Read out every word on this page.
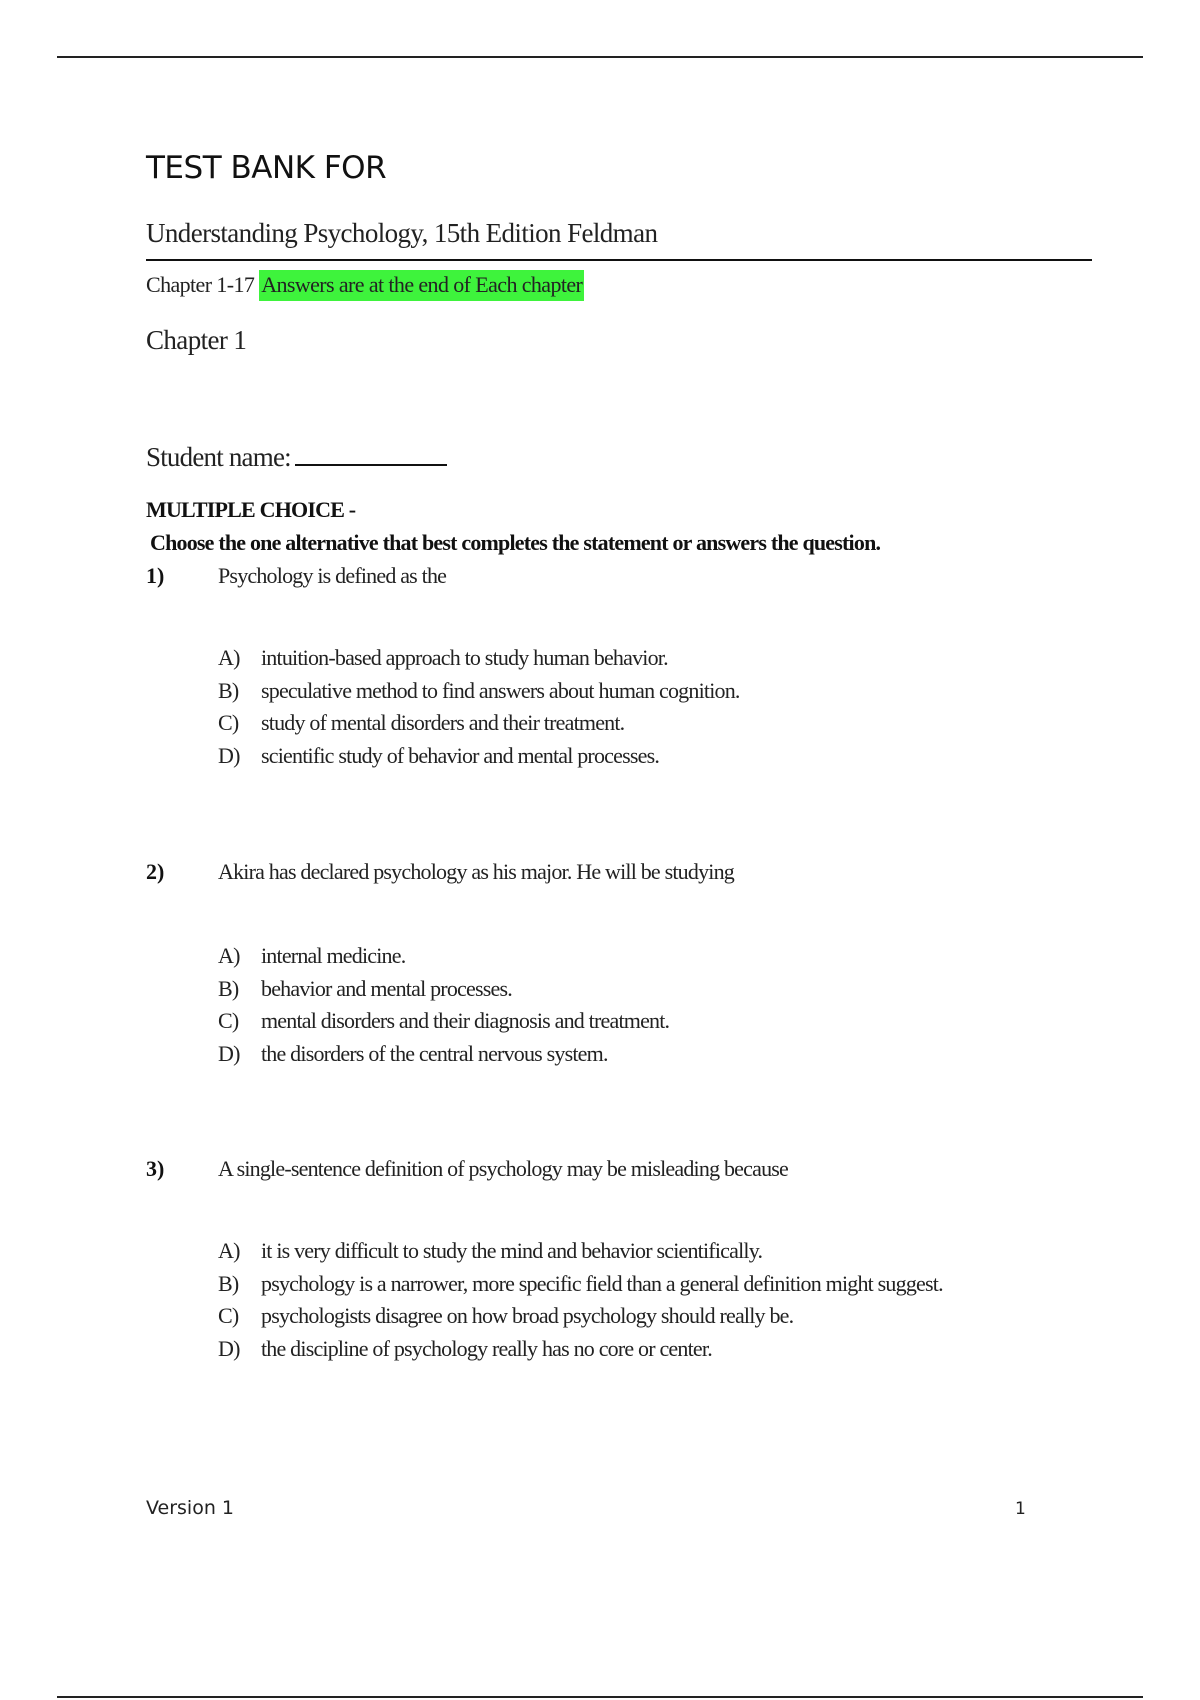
TEST BANK FOR
Understanding Psychology, 15th Edition Feldman
Chapter 1-17 Answers are at the end of Each chapter
Chapter 1
Student name:
MULTIPLE CHOICE -
Choose the one alternative that best completes the statement or answers the question.
1) Psychology is defined as the
A) intuition-based approach to study human behavior.
B) speculative method to find answers about human cognition.
C) study of mental disorders and their treatment.
D) scientific study of behavior and mental processes.
2) Akira has declared psychology as his major. He will be studying
A) internal medicine.
B) behavior and mental processes.
C) mental disorders and their diagnosis and treatment.
D) the disorders of the central nervous system.
3) A single-sentence definition of psychology may be misleading because
A) it is very difficult to study the mind and behavior scientifically.
B) psychology is a narrower, more specific field than a general definition might suggest.
C) psychologists disagree on how broad psychology should really be.
D) the discipline of psychology really has no core or center.
Version 1	1
